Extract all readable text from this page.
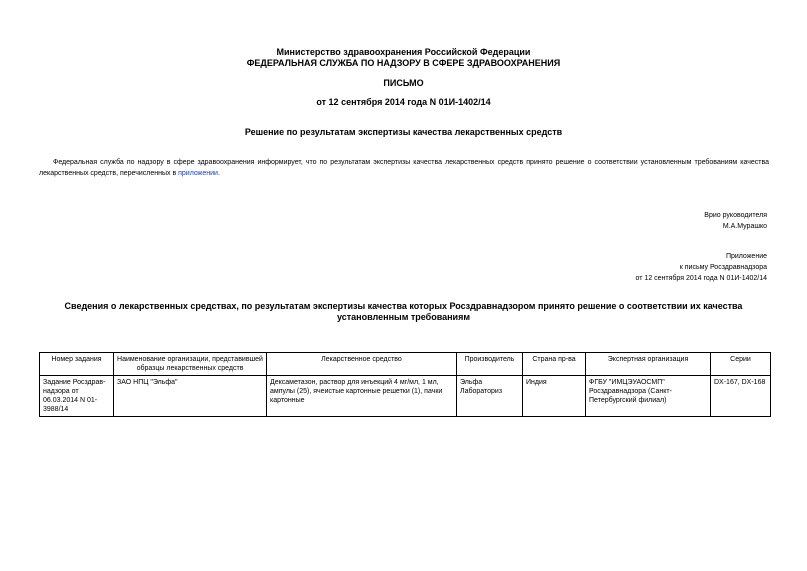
Министерство здравоохранения Российской Федерации
ФЕДЕРАЛЬНАЯ СЛУЖБА ПО НАДЗОРУ В СФЕРЕ ЗДРАВООХРАНЕНИЯ
ПИСЬМО
от 12 сентября 2014 года N 01И-1402/14
Решение по результатам экспертизы качества лекарственных средств
Федеральная служба по надзору в сфере здравоохранения информирует, что по результатам экспертизы качества лекарственных средств принято решение о соответствии установленным требованиям качества лекарственных средств, перечисленных в приложении.
Врио руководителя
М.А.Мурашко
Приложение
к письму Росздравнадзора
от 12 сентября 2014 года N 01И-1402/14
Сведения о лекарственных средствах, по результатам экспертизы качества которых Росздравнадзором принято решение о соответствии их качества установленным требованиям
Номер задания	Наименование организации, представившей образцы лекарственных средств	Лекарственное средство	Производитель	Страна пр-ва	Экспертная организация	Серии
Задание Росздрав-надзора от 06.03.2014 N 01-3988/14	ЗАО НПЦ "Эльфа"	Дексаметазон, раствор для инъекций 4 мг/мл, 1 мл, ампулы (25), ячеистые картонные решетки (1), пачки картонные	Эльфа Лабораториз	Индия	ФГБУ "ИМЦЭУАОСМП" Росздравнадзора (Санкт-Петербургский филиал)	DX-167, DX-168
